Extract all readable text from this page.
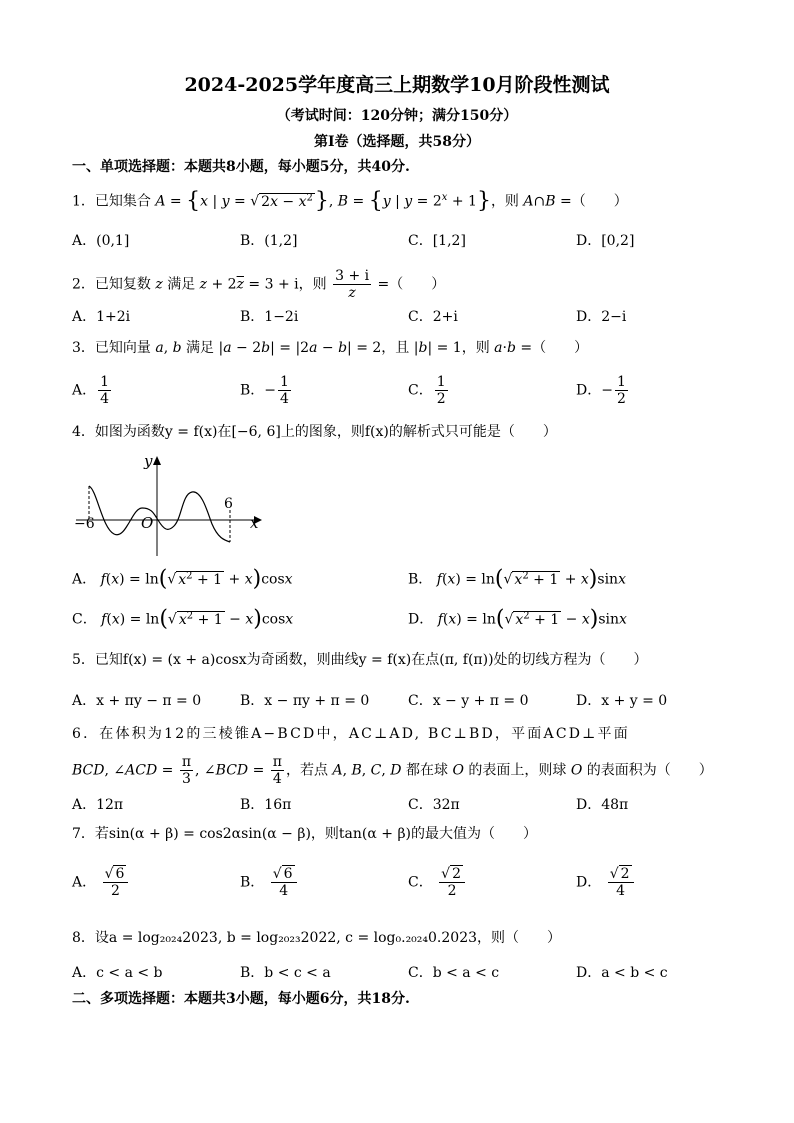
2024-2025学年度高三上期数学10月阶段性测试
（考试时间：120分钟；满分150分）
第I卷（选择题，共58分）
一、单项选择题：本题共8小题，每小题5分，共40分.
1．已知集合 A = {x | y = √ $2x - x^2$}, B = {y | $y = 2^x + 1$}，则 A∩B =（　　）
A．(0,1]	B．(1,2]	C．[1,2]	D．[0,2]
2．已知复数 z 满足 $z + 2\overline{z} = 3 + i$，则 $\frac{3 + i}{z}$ =（　　）
A．1+2i	B．1−2i	C．2+i	D．2−i
3．已知向量 a, b 满足 |a − 2b| = |2a − b| = 2，且 |b| = 1，则 a·b =（　　）
A． $\frac{1}{4}$	B．− $\frac{1}{4}$	C． $\frac{1}{2}$	D．− $\frac{1}{2}$
4．如图为函数y = f(x)在[−6, 6]上的图象，则f(x)的解析式只可能是（　　）
y
x
O
−6
6
A． f(x) = ln(√ $x^2 + 1 + x)\cos x$	B． f(x) = ln(√ $x^2 + 1 + x)\sin x$
C． f(x) = ln(√ $x^2 + 1 - x)\cos x$	D． f(x) = ln(√ $x^2 + 1 - x)\sin x$
5．已知f(x) = (x + a)cosx为奇函数，则曲线y = f(x)在点(π, f(π))处的切线方程为（　　）
A．x + πy − π = 0	B．x − πy + π = 0	C．x − y + π = 0	D．x + y = 0
6．在体积为12的三棱锥A−BCD中，AC⊥AD, BC⊥BD，平面ACD⊥平面
BCD, ∠ACD = $\frac{\pi}{3}$ , ∠BCD = $\frac{\pi}{4}$ ，若点 A, B, C, D 都在球 O 的表面上，则球 O 的表面积为（　　）
A．12π	B．16π	C．32π	D．48π
7．若sin(α + β) = cos2αsin(α − β)，则tan(α + β)的最大值为（　　）
A． $\frac{√ 6}{2}$	B． $\frac{√ 6}{4}$	C． $\frac{√ 2}{2}$	D． $\frac{√ 2}{4}$
8．设a = log₂₀₂₄2023, b = log₂₀₂₃2022, c = log₀.₂₀₂₄0.2023，则（　　）
A．c < a < b	B．b < c < a	C．b < a < c	D．a < b < c
二、多项选择题：本题共3小题，每小题6分，共18分.
